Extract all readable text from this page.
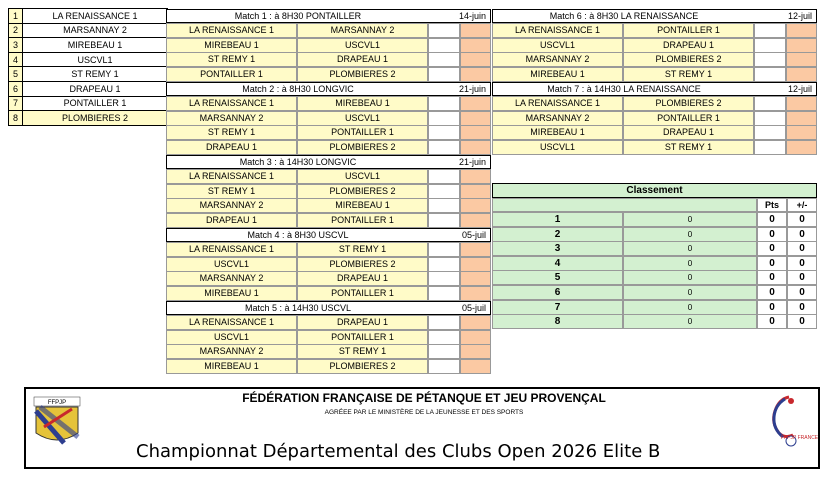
1	LA RENAISSANCE 1
2	MARSANNAY 2
3	MIREBEAU 1
4	USCVL1
5	ST REMY 1
6	DRAPEAU 1
7	PONTAILLER 1
8	PLOMBIERES 2
Match 1 : à 8H30 PONTAILLER	14-juin
LA RENAISSANCE 1	MARSANNAY 2
MIREBEAU 1	USCVL1
ST REMY 1	DRAPEAU 1
PONTAILLER 1	PLOMBIERES 2
Match 2 : à 8H30 LONGVIC	21-juin
LA RENAISSANCE 1	MIREBEAU 1
MARSANNAY 2	USCVL1
ST REMY 1	PONTAILLER 1
DRAPEAU 1	PLOMBIERES 2
Match 3 : à 14H30 LONGVIC	21-juin
LA RENAISSANCE 1	USCVL1
ST REMY 1	PLOMBIERES 2
MARSANNAY 2	MIREBEAU 1
DRAPEAU 1	PONTAILLER 1
Match 4 : à 8H30 USCVL	05-juil
LA RENAISSANCE 1	ST REMY 1
USCVL1	PLOMBIERES 2
MARSANNAY 2	DRAPEAU 1
MIREBEAU 1	PONTAILLER 1
Match 5 : à 14H30 USCVL	05-juil
LA RENAISSANCE 1	DRAPEAU 1
USCVL1	PONTAILLER 1
MARSANNAY 2	ST REMY 1
MIREBEAU 1	PLOMBIERES 2
Match 6 : à 8H30 LA RENAISSANCE	12-juil
LA RENAISSANCE 1	PONTAILLER 1
USCVL1	DRAPEAU 1
MARSANNAY 2	PLOMBIERES 2
MIREBEAU 1	ST REMY 1
Match 7 : à 14H30 LA RENAISSANCE	12-juil
LA RENAISSANCE 1	PLOMBIERES 2
MARSANNAY 2	PONTAILLER 1
MIREBEAU 1	DRAPEAU 1
USCVL1	ST REMY 1
Classement
Pts	+/-
1	0	0	0
2	0	0	0
3	0	0	0
4	0	0	0
5	0	0	0
6	0	0	0
7	0	0	0
8	0	0	0
FFPJP	FÉDÉRATION FRANÇAISE DE PÉTANQUE ET JEU PROVENÇAL
AGRÉEE PAR LE MINISTÈRE DE LA JEUNESSE ET DES SPORTS
Championnat Départemental des Clubs Open 2026 Elite B
FFPJP FRANCE
